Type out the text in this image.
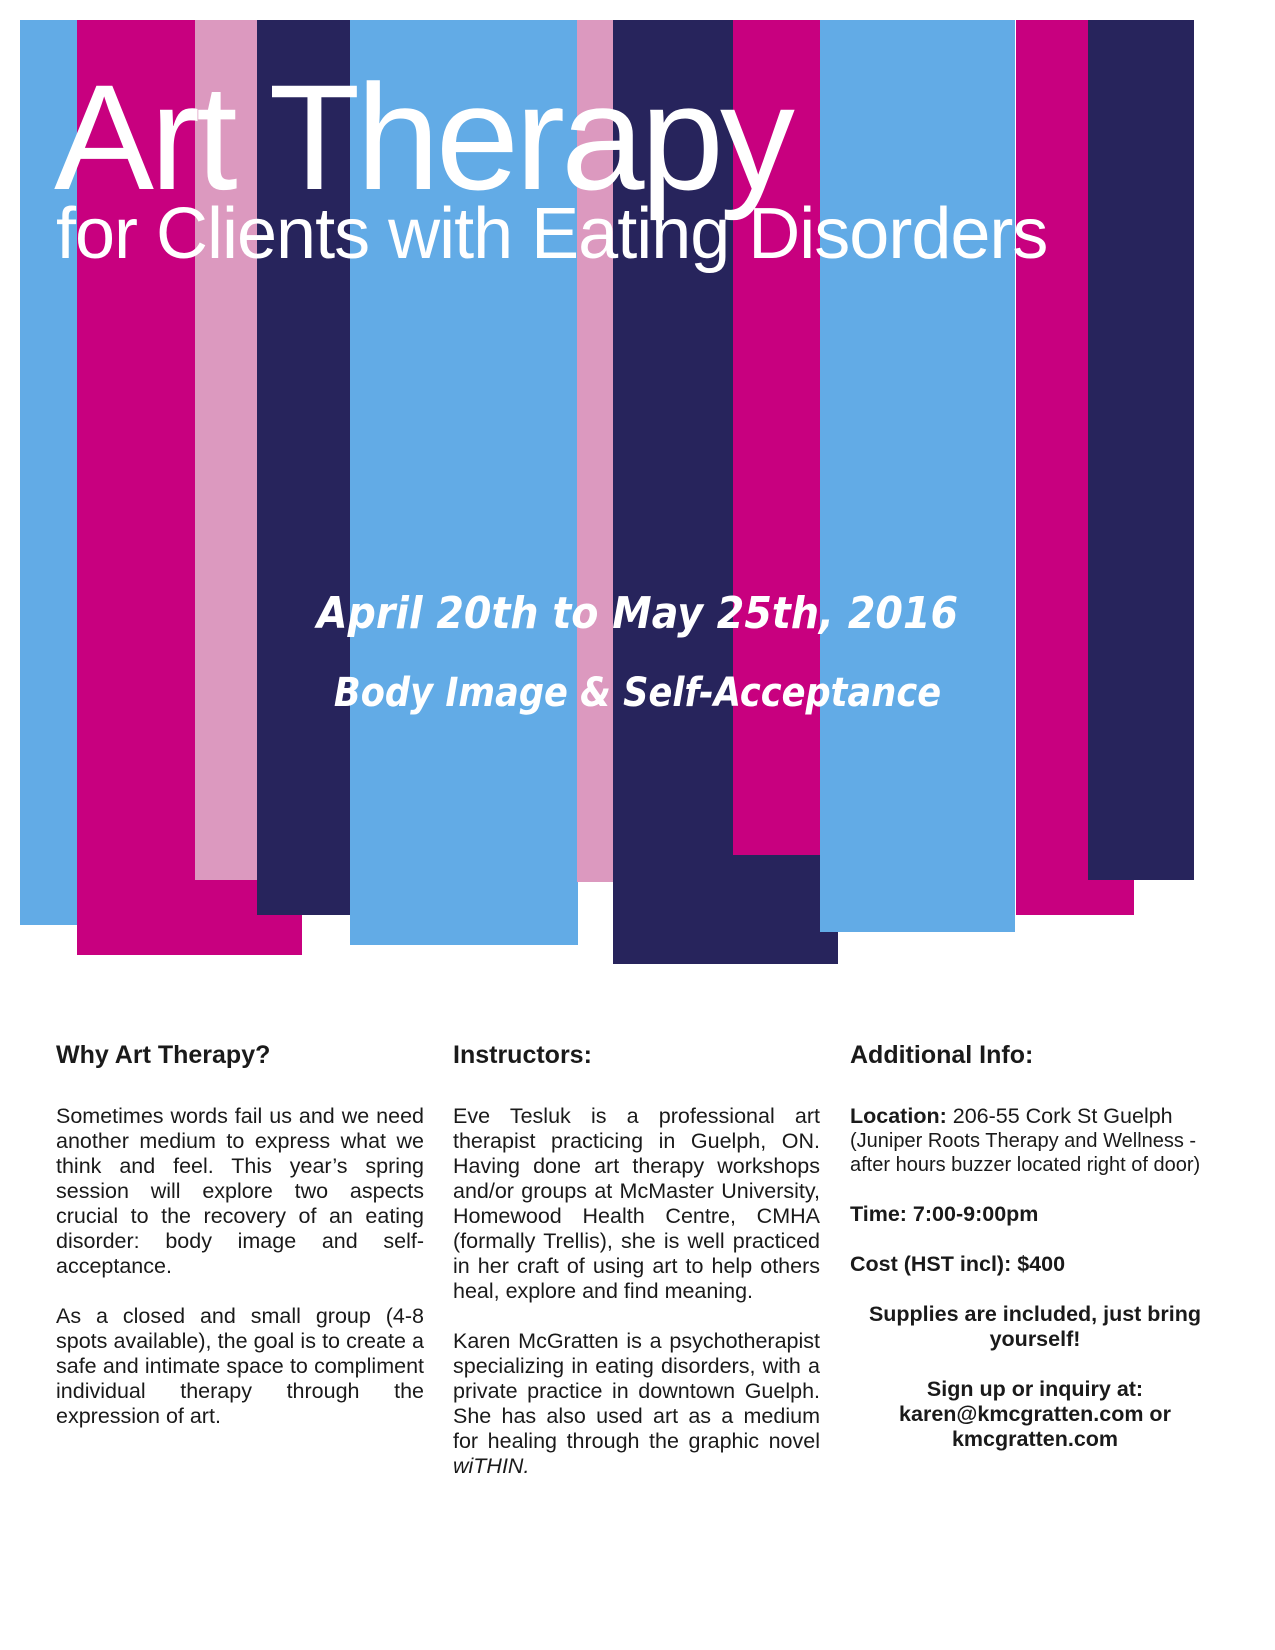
Art Therapy
for Clients with Eating Disorders
April 20th to May 25th, 2016
Body Image & Self-Acceptance
Why Art Therapy?

Sometimes words fail us and we need another medium to express what we think and feel. This year’s spring session will explore two aspects crucial to the recovery of an eating disorder: body image and self-acceptance.

As a closed and small group (4-8 spots available), the goal is to create a safe and intimate space to compliment individual therapy through the expression of art.

Instructors:

Eve Tesluk is a professional art therapist practicing in Guelph, ON. Having done art therapy workshops and/or groups at McMaster University, Homewood Health Centre, CMHA (formally Trellis), she is well practiced in her craft of using art to help others heal, explore and find meaning.

Karen McGratten is a psychotherapist specializing in eating disorders, with a private practice in downtown Guelph. She has also used art as a medium for healing through the graphic novel wiTHIN.

Additional Info:

Location: 206-55 Cork St Guelph
(Juniper Roots Therapy and Wellness - after hours buzzer located right of door)

Time: 7:00-9:00pm

Cost (HST incl): $400

Supplies are included, just bring yourself!

Sign up or inquiry at:
karen@kmcgratten.com or
kmcgratten.com
